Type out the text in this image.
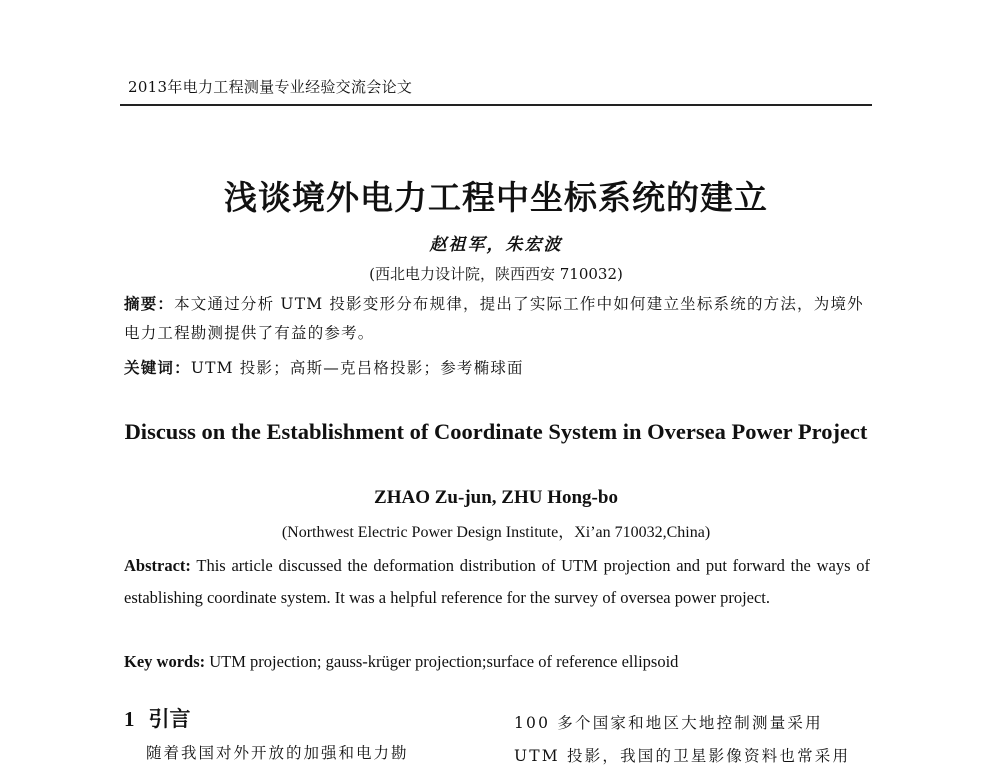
2013年电力工程测量专业经验交流会论文
浅谈境外电力工程中坐标系统的建立
赵祖军，朱宏波
(西北电力设计院，陕西西安 710032)
摘要：本文通过分析 UTM 投影变形分布规律，提出了实际工作中如何建立坐标系统的方法，为境外电力工程勘测提供了有益的参考。
关键词：UTM 投影；高斯—克吕格投影；参考椭球面
Discuss on the Establishment of Coordinate System in Oversea Power Project
ZHAO Zu-jun, ZHU Hong-bo
(Northwest Electric Power Design Institute，Xi’an 710032,China)
Abstract: This article discussed the deformation distribution of UTM projection and put forward the ways of establishing coordinate system. It was a helpful reference for the survey of oversea power project.
Key words: UTM projection; gauss-krüger projection;surface of reference ellipsoid
1 引言
随着我国对外开放的加强和电力勘
100 多个国家和地区大地控制测量采用
UTM 投影，我国的卫星影像资料也常采用
